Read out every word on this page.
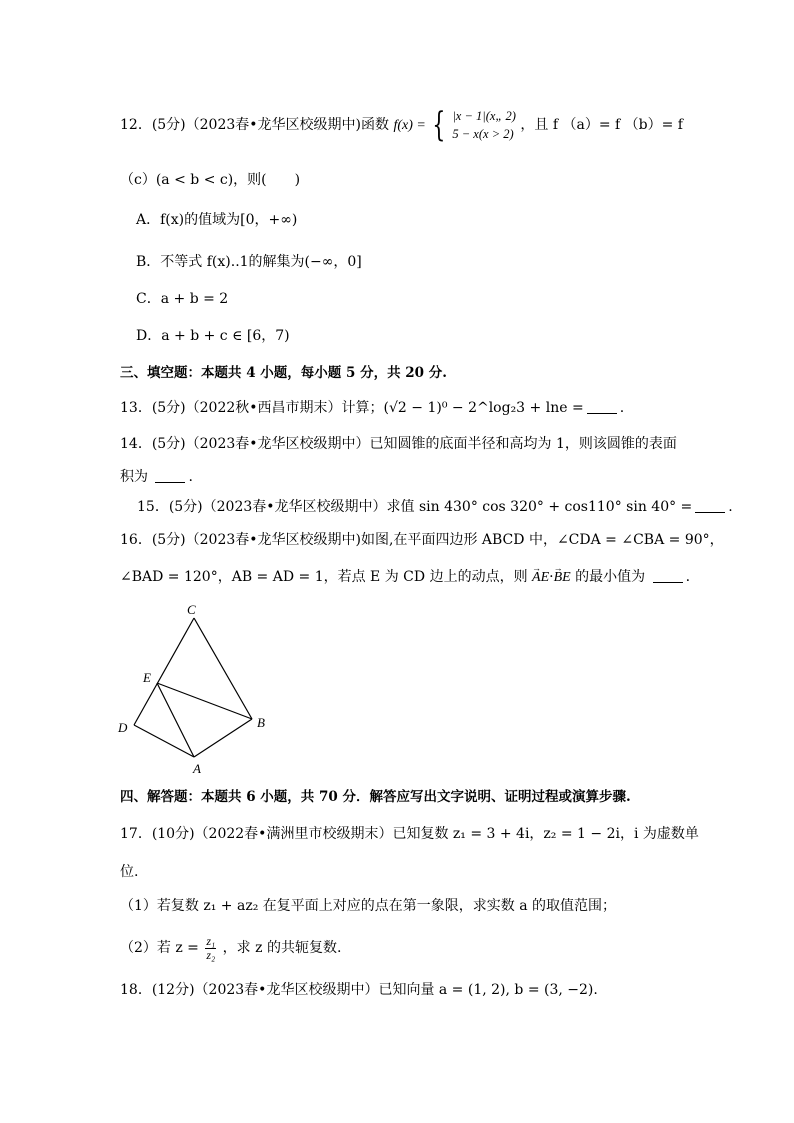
12．(5分)（2023春•龙华区校级期中)函数 f(x) = { |x − 1|(x„ 2)
5 − x(x > 2)
，且 f （a）= f （b）= f
（c）(a < b < c)，则(　　)
A．f(x)的值域为[0，+∞)
B．不等式 f(x)..1的解集为(−∞，0]
C．a + b = 2
D．a + b + c ∈ [6，7)
三、填空题：本题共 4 小题，每小题 5 分，共 20 分.
13．(5分)（2022秋•西昌市期末）计算；(√2 − 1)⁰ − 2^log₂3 + lne =	.
14．(5分)（2023春•龙华区校级期中）已知圆锥的底面半径和高均为 1，则该圆锥的表面
积为	.
15．(5分)（2023春•龙华区校级期中）求值 sin 430° cos 320° + cos110° sin 40° =	.
16．(5分)（2023春•龙华区校级期中)如图,在平面四边形 ABCD 中，∠CDA = ∠CBA = 90°，
∠BAD = 120°，AB = AD = 1，若点 E 为 CD 边上的动点，则 → AE·→ BE 的最小值为	.
C
E
D	B
A
四、解答题：本题共 6 小题，共 70 分．解答应写出文字说明、证明过程或演算步骤.
17．(10分)（2022春•满洲里市校级期末）已知复数 z₁ = 3 + 4i，z₂ = 1 − 2i，i 为虚数单
位.
（1）若复数 z₁ + az₂ 在复平面上对应的点在第一象限，求实数 a 的取值范围；
（2）若 $z = \frac{\text{z₁}}{\text{z₂}}$ ，求 z 的共轭复数.
18．(12分)（2023春•龙华区校级期中）已知向量 a = (1, 2), b = (3, −2).
